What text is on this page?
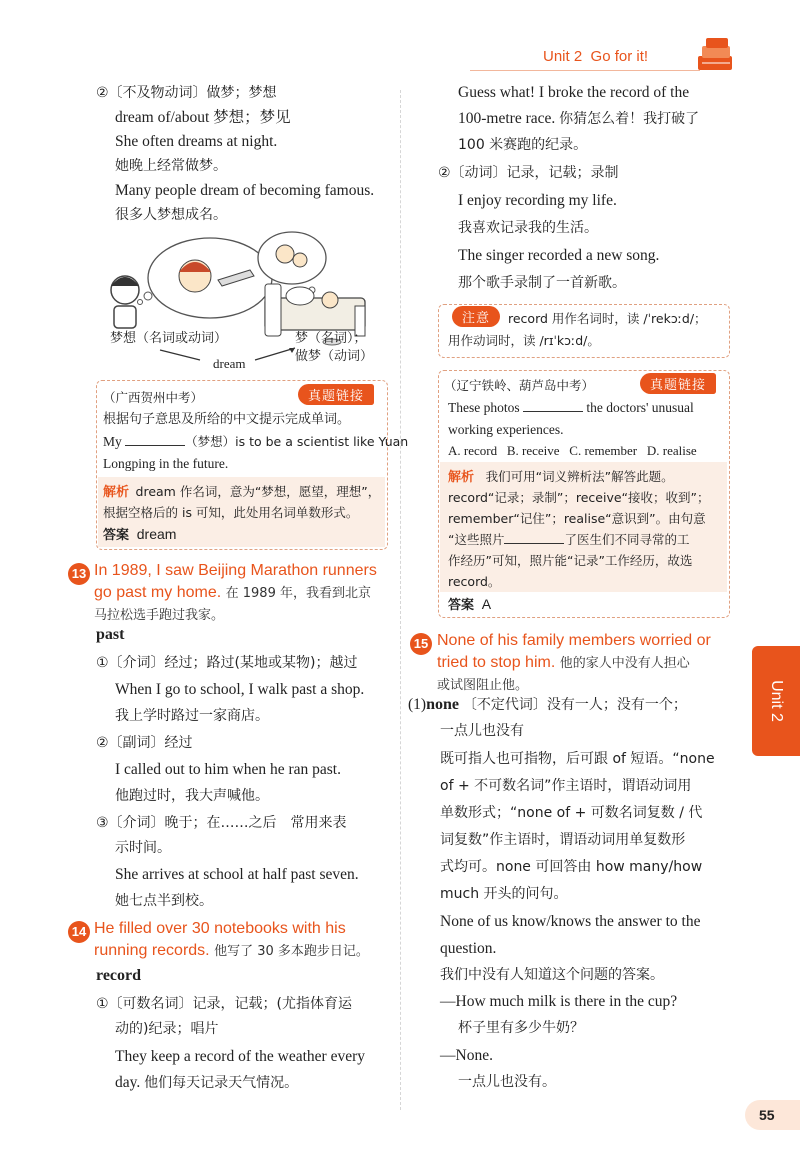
Unit 2 Go for it!
②〔不及物动词〕做梦；梦想
dream of/about 梦想；梦见
She often dreams at night.
她晚上经常做梦。
Many people dream of becoming famous.
很多人梦想成名。
梦想（名词或动词）	梦（名词）；
做梦（动词）
dream
真题链接
（广西贺州中考）
根据句子意思及所给的中文提示完成单词。
My	（梦想）is to be a scientist like Yuan
Longping in the future.
解析 dream 作名词，意为“梦想，愿望，理想”，
根据空格后的 is 可知，此处用名词单数形式。
答案 dream
13 In 1989, I saw Beijing Marathon runners
go past my home. 在 1989 年，我看到北京
马拉松选手跑过我家。
past
①〔介词〕经过；路过(某地或某物)；越过
When I go to school, I walk past a shop.
我上学时路过一家商店。
②〔副词〕经过
I called out to him when he ran past.
他跑过时，我大声喊他。
③〔介词〕晚于；在……之后　常用来表
示时间。
She arrives at school at half past seven.
她七点半到校。
14 He filled over 30 notebooks with his
running records. 他写了 30 多本跑步日记。
record
①〔可数名词〕记录，记载；(尤指体育运
动的)纪录；唱片
They keep a record of the weather every
day. 他们每天记录天气情况。
Guess what! I broke the record of the
100-metre race. 你猜怎么着！我打破了
100 米赛跑的纪录。
②〔动词〕记录，记载；录制
I enjoy recording my life.
我喜欢记录我的生活。
The singer recorded a new song.
那个歌手录制了一首新歌。
注意	record 用作名词时，读 /ˈrekɔːd/；
用作动词时，读 /rɪˈkɔːd/。
真题链接
（辽宁铁岭、葫芦岛中考）
These photos	the doctors' unusual
working experiences.
A. record   B. receive   C. remember   D. realise
解析 我们可用“词义辨析法”解答此题。
record“记录；录制”；receive“接收；收到”；
remember“记住”；realise“意识到”。由句意
“这些照片	了医生们不同寻常的工
作经历”可知，照片能“记录”工作经历，故选
record。
答案 A
15 None of his family members worried or
tried to stop him. 他的家人中没有人担心
或试图阻止他。
(1)none 〔不定代词〕没有一人；没有一个；
一点儿也没有
既可指人也可指物，后可跟 of 短语。“none
of + 不可数名词”作主语时，谓语动词用
单数形式；“none of + 可数名词复数 / 代
词复数”作主语时，谓语动词用单复数形
式均可。none 可回答由 how many/how
much 开头的问句。
None of us know/knows the answer to the
question.
我们中没有人知道这个问题的答案。
—How much milk is there in the cup?
杯子里有多少牛奶？
—None.
一点儿也没有。
Unit 2
55
